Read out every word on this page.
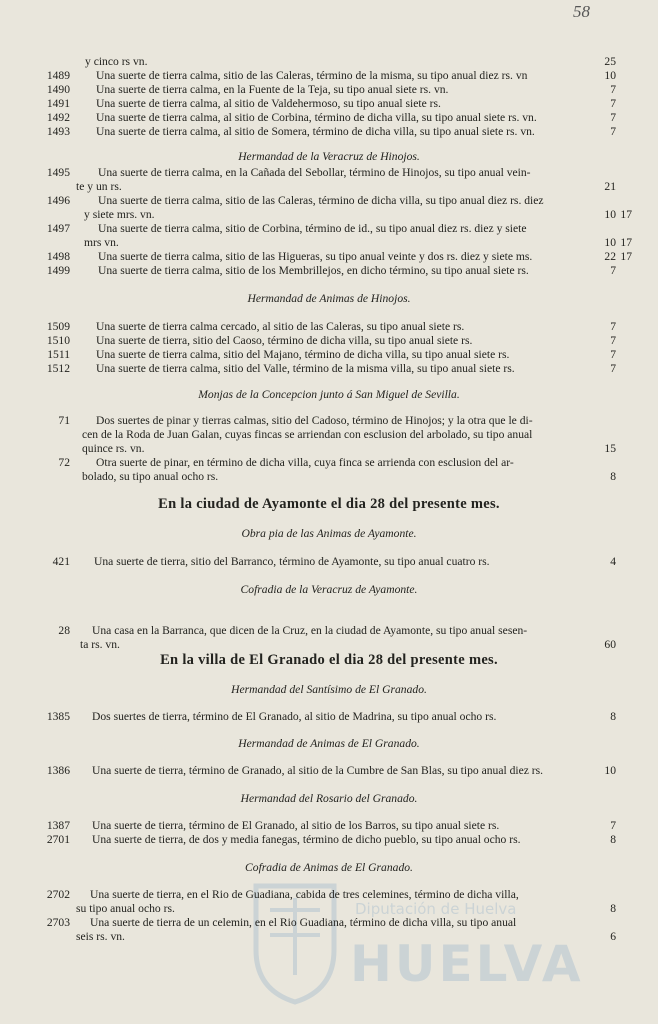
58
y cinco rs vn.	25
1489	Una suerte de tierra calma, sitio de las Caleras, término de la misma, su tipo anual diez rs. vn	10
1490	Una suerte de tierra calma, en la Fuente de la Teja, su tipo anual siete rs. vn.	7
1491	Una suerte de tierra calma, al sitio de Valdehermoso, su tipo anual siete rs.	7
1492	Una suerte de tierra calma, al sitio de Corbina, término de dicha villa, su tipo anual siete rs. vn.	7
1493	Una suerte de tierra calma, al sitio de Somera, término de dicha villa, su tipo anual siete rs. vn.	7
Hermandad de la Veracruz de Hinojos.
1495	Una suerte de tierra calma, en la Cañada del Sebollar, término de Hinojos, su tipo anual vein-
te y un rs.	21
1496	Una suerte de tierra calma, sitio de las Caleras, término de dicha villa, su tipo anual diez rs. diez
y siete mrs. vn.	10 17
1497	Una suerte de tierra calma, sitio de Corbina, término de id., su tipo anual diez rs. diez y siete
mrs vn.	10 17
1498	Una suerte de tierra calma, sitio de las Higueras, su tipo anual veinte y dos rs. diez y siete ms.	22 17
1499	Una suerte de tierra calma, sitio de los Membrillejos, en dicho término, su tipo anual siete rs.	7
Hermandad de Animas de Hinojos.
1509	Una suerte de tierra calma cercado, al sitio de las Caleras, su tipo anual siete rs.	7
1510	Una suerte de tierra, sitio del Caoso, término de dicha villa, su tipo anual siete rs.	7
1511	Una suerte de tierra calma, sitio del Majano, término de dicha villa, su tipo anual siete rs.	7
1512	Una suerte de tierra calma, sitio del Valle, término de la misma villa, su tipo anual siete rs.	7
Monjas de la Concepcion junto á San Miguel de Sevilla.
71	Dos suertes de pinar y tierras calmas, sitio del Cadoso, término de Hinojos; y la otra que le di-
cen de la Roda de Juan Galan, cuyas fincas se arriendan con esclusion del arbolado, su tipo anual
quince rs. vn.	15
72	Otra suerte de pinar, en término de dicha villa, cuya finca se arrienda con esclusion del ar-
bolado, su tipo anual ocho rs.	8
En la ciudad de Ayamonte el dia 28 del presente mes.
Obra pia de las Animas de Ayamonte.
421	Una suerte de tierra, sitio del Barranco, término de Ayamonte, su tipo anual cuatro rs.	4
Cofradia de la Veracruz de Ayamonte.
28	Una casa en la Barranca, que dicen de la Cruz, en la ciudad de Ayamonte, su tipo anual sesen-
ta rs. vn.	60
En la villa de El Granado el dia 28 del presente mes.
Hermandad del Santísimo de El Granado.
1385	Dos suertes de tierra, término de El Granado, al sitio de Madrina, su tipo anual ocho rs.	8
Hermandad de Animas de El Granado.
1386	Una suerte de tierra, término de Granado, al sitio de la Cumbre de San Blas, su tipo anual diez rs.	10
Hermandad del Rosario del Granado.
1387	Una suerte de tierra, término de El Granado, al sitio de los Barros, su tipo anual siete rs.	7
2701	Una suerte de tierra, de dos y media fanegas, término de dicho pueblo, su tipo anual ocho rs.	8
Cofradia de Animas de El Granado.
Diputación de Huelva
HUELVA
2702	Una suerte de tierra, en el Rio de Guadiana, cabida de tres celemines, término de dicha villa,
su tipo anual ocho rs.	8
2703	Una suerte de tierra de un celemin, en el Rio Guadiana, término de dicha villa, su tipo anual
seis rs. vn.	6
